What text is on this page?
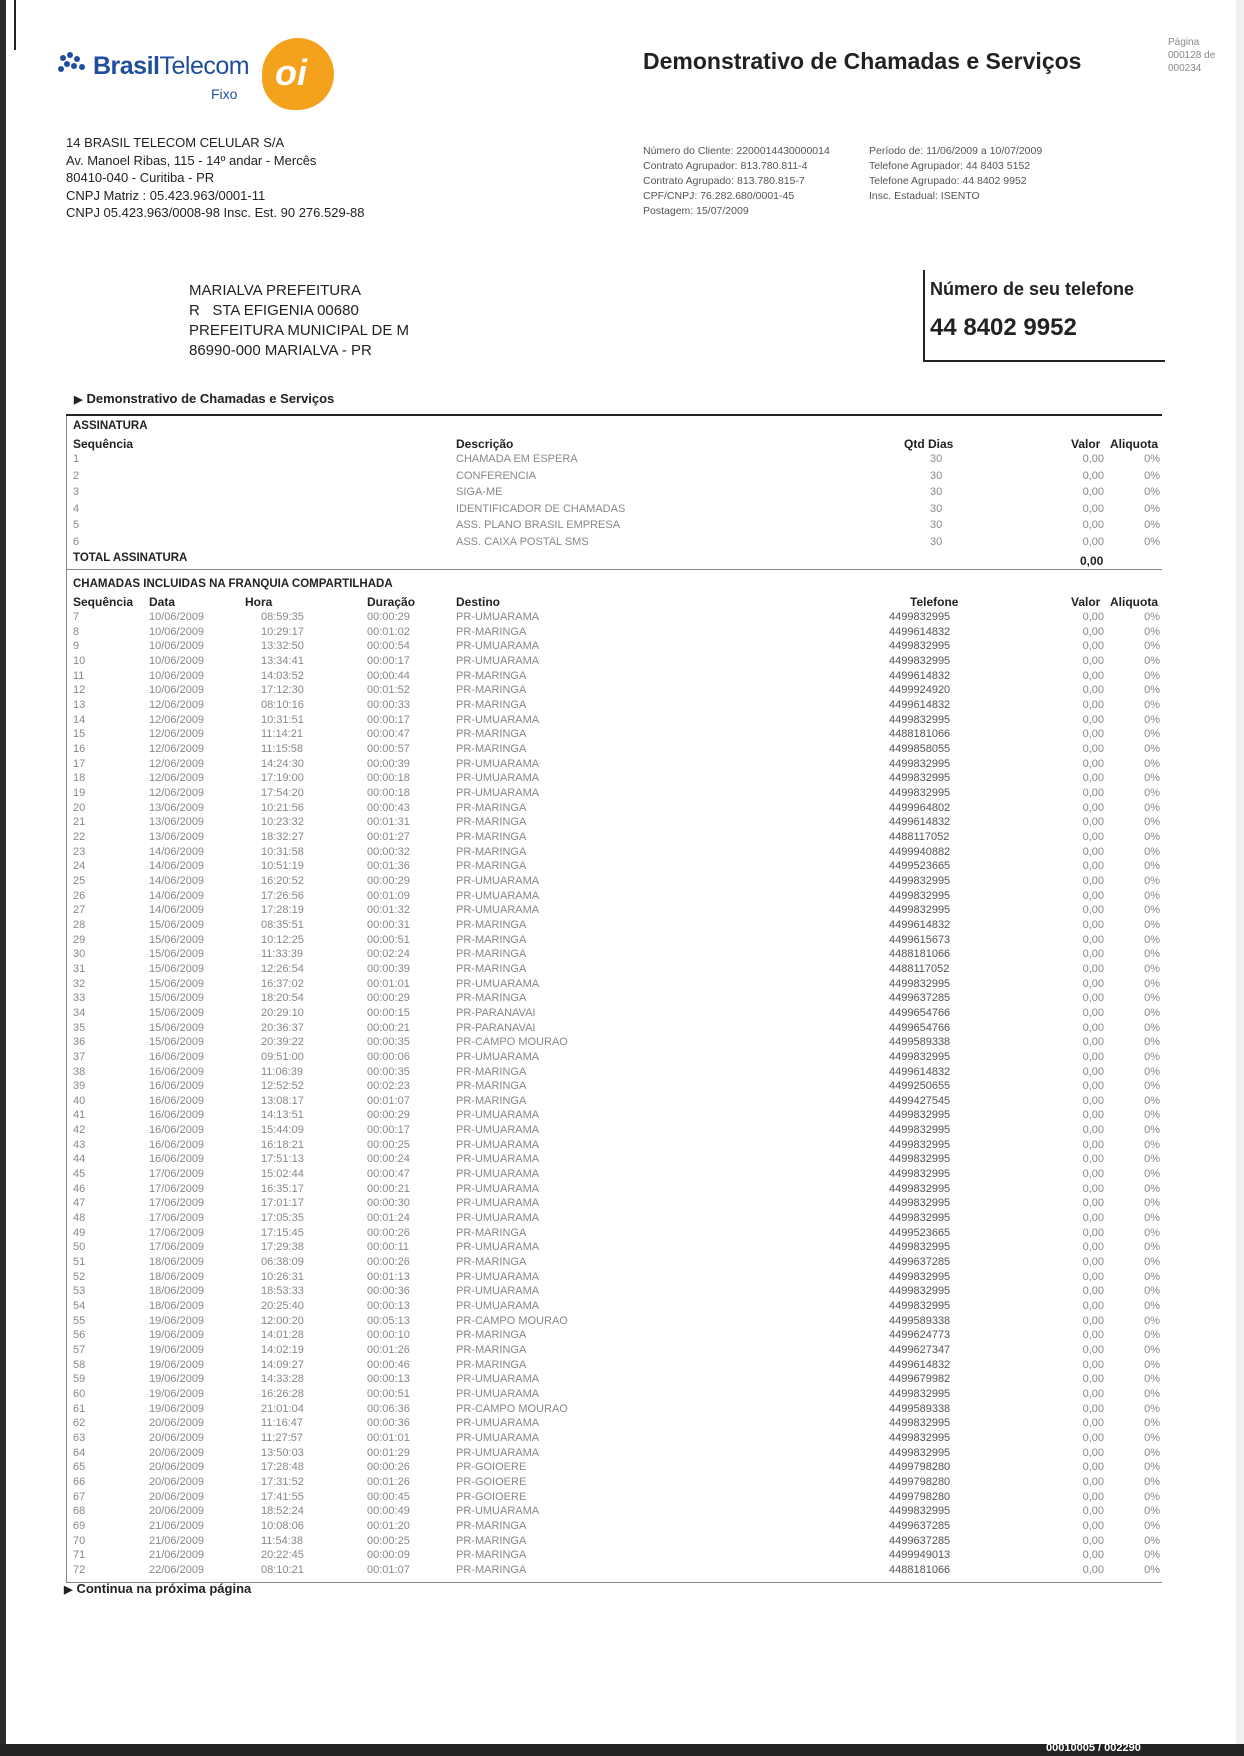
BrasilTelecom
Fixo
oi	Demonstrativo de Chamadas e Serviços
Página
000128 de
000234
14 BRASIL TELECOM CELULAR S/A
Av. Manoel Ribas, 115 - 14º andar - Mercês
80410-040 - Curitiba - PR
CNPJ Matriz : 05.423.963/0001-11
CNPJ 05.423.963/0008-98 Insc. Est. 90 276.529-88
Número do Cliente: 2200014430000014
Contrato Agrupador: 813.780.811-4
Contrato Agrupado: 813.780.815-7
CPF/CNPJ: 76.282.680/0001-45
Postagem: 15/07/2009
Período de: 11/06/2009 a 10/07/2009
Telefone Agrupador: 44 8403 5152
Telefone Agrupado: 44 8402 9952
Insc. Estadual: ISENTO
MARIALVA PREFEITURA
R   STA EFIGENIA 00680
PREFEITURA MUNICIPAL DE M
86990-000 MARIALVA - PR
Número de seu telefone
44 8402 9952
▶ Demonstrativo de Chamadas e Serviços
ASSINATURA
Sequência	Descrição	Qtd Dias	Valor Aliquota
1	CHAMADA EM ESPERA	30	0,00	0%
2	CONFERENCIA	30	0,00	0%
3	SIGA-ME	30	0,00	0%
4	IDENTIFICADOR DE CHAMADAS	30	0,00	0%
5	ASS. PLANO BRASIL EMPRESA	30	0,00	0%
6	ASS. CAIXA POSTAL SMS	30	0,00	0%
TOTAL ASSINATURA	0,00
CHAMADAS INCLUIDAS NA FRANQUIA COMPARTILHADA
Sequência Data	Hora	Duração	Destino	Telefone	Valor Aliquota
7	10/06/2009	08:59:35	00:00:29	PR-UMUARAMA	4499832995	0,00	0%
8	10/06/2009	10:29:17	00:01:02	PR-MARINGA	4499614832	0,00	0%
9	10/06/2009	13:32:50	00:00:54	PR-UMUARAMA	4499832995	0,00	0%
10	10/06/2009	13:34:41	00:00:17	PR-UMUARAMA	4499832995	0,00	0%
11	10/06/2009	14:03:52	00:00:44	PR-MARINGA	4499614832	0,00	0%
12	10/06/2009	17:12:30	00:01:52	PR-MARINGA	4499924920	0,00	0%
13	12/06/2009	08:10:16	00:00:33	PR-MARINGA	4499614832	0,00	0%
14	12/06/2009	10:31:51	00:00:17	PR-UMUARAMA	4499832995	0,00	0%
15	12/06/2009	11:14:21	00:00:47	PR-MARINGA	4488181066	0,00	0%
16	12/06/2009	11:15:58	00:00:57	PR-MARINGA	4499858055	0,00	0%
17	12/06/2009	14:24:30	00:00:39	PR-UMUARAMA	4499832995	0,00	0%
18	12/06/2009	17:19:00	00:00:18	PR-UMUARAMA	4499832995	0,00	0%
19	12/06/2009	17:54:20	00:00:18	PR-UMUARAMA	4499832995	0,00	0%
20	13/06/2009	10:21:56	00:00:43	PR-MARINGA	4499964802	0,00	0%
21	13/06/2009	10:23:32	00:01:31	PR-MARINGA	4499614832	0,00	0%
22	13/06/2009	18:32:27	00:01:27	PR-MARINGA	4488117052	0,00	0%
23	14/06/2009	10:31:58	00:00:32	PR-MARINGA	4499940882	0,00	0%
24	14/06/2009	10:51:19	00:01:36	PR-MARINGA	4499523665	0,00	0%
25	14/06/2009	16:20:52	00:00:29	PR-UMUARAMA	4499832995	0,00	0%
26	14/06/2009	17:26:56	00:01:09	PR-UMUARAMA	4499832995	0,00	0%
27	14/06/2009	17:28:19	00:01:32	PR-UMUARAMA	4499832995	0,00	0%
28	15/06/2009	08:35:51	00:00:31	PR-MARINGA	4499614832	0,00	0%
29	15/06/2009	10:12:25	00:00:51	PR-MARINGA	4499615673	0,00	0%
30	15/06/2009	11:33:39	00:02:24	PR-MARINGA	4488181066	0,00	0%
31	15/06/2009	12:26:54	00:00:39	PR-MARINGA	4488117052	0,00	0%
32	15/06/2009	16:37:02	00:01:01	PR-UMUARAMA	4499832995	0,00	0%
33	15/06/2009	18:20:54	00:00:29	PR-MARINGA	4499637285	0,00	0%
34	15/06/2009	20:29:10	00:00:15	PR-PARANAVAI	4499654766	0,00	0%
35	15/06/2009	20:36:37	00:00:21	PR-PARANAVAI	4499654766	0,00	0%
36	15/06/2009	20:39:22	00:00:35	PR-CAMPO MOURAO	4499589338	0,00	0%
37	16/06/2009	09:51:00	00:00:06	PR-UMUARAMA	4499832995	0,00	0%
38	16/06/2009	11:06:39	00:00:35	PR-MARINGA	4499614832	0,00	0%
39	16/06/2009	12:52:52	00:02:23	PR-MARINGA	4499250655	0,00	0%
40	16/06/2009	13:08:17	00:01:07	PR-MARINGA	4499427545	0,00	0%
41	16/06/2009	14:13:51	00:00:29	PR-UMUARAMA	4499832995	0,00	0%
42	16/06/2009	15:44:09	00:00:17	PR-UMUARAMA	4499832995	0,00	0%
43	16/06/2009	16:18:21	00:00:25	PR-UMUARAMA	4499832995	0,00	0%
44	16/06/2009	17:51:13	00:00:24	PR-UMUARAMA	4499832995	0,00	0%
45	17/06/2009	15:02:44	00:00:47	PR-UMUARAMA	4499832995	0,00	0%
46	17/06/2009	16:35:17	00:00:21	PR-UMUARAMA	4499832995	0,00	0%
47	17/06/2009	17:01:17	00:00:30	PR-UMUARAMA	4499832995	0,00	0%
48	17/06/2009	17:05:35	00:01:24	PR-UMUARAMA	4499832995	0,00	0%
49	17/06/2009	17:15:45	00:00:26	PR-MARINGA	4499523665	0,00	0%
50	17/06/2009	17:29:38	00:00:11	PR-UMUARAMA	4499832995	0,00	0%
51	18/06/2009	06:38:09	00:00:26	PR-MARINGA	4499637285	0,00	0%
52	18/06/2009	10:26:31	00:01:13	PR-UMUARAMA	4499832995	0,00	0%
53	18/06/2009	18:53:33	00:00:36	PR-UMUARAMA	4499832995	0,00	0%
54	18/06/2009	20:25:40	00:00:13	PR-UMUARAMA	4499832995	0,00	0%
55	19/06/2009	12:00:20	00:05:13	PR-CAMPO MOURAO	4499589338	0,00	0%
56	19/06/2009	14:01:28	00:00:10	PR-MARINGA	4499624773	0,00	0%
57	19/06/2009	14:02:19	00:01:26	PR-MARINGA	4499627347	0,00	0%
58	19/06/2009	14:09:27	00:00:46	PR-MARINGA	4499614832	0,00	0%
59	19/06/2009	14:33:28	00:00:13	PR-UMUARAMA	4499679982	0,00	0%
60	19/06/2009	16:26:28	00:00:51	PR-UMUARAMA	4499832995	0,00	0%
61	19/06/2009	21:01:04	00:06:36	PR-CAMPO MOURAO	4499589338	0,00	0%
62	20/06/2009	11:16:47	00:00:36	PR-UMUARAMA	4499832995	0,00	0%
63	20/06/2009	11:27:57	00:01:01	PR-UMUARAMA	4499832995	0,00	0%
64	20/06/2009	13:50:03	00:01:29	PR-UMUARAMA	4499832995	0,00	0%
65	20/06/2009	17:28:48	00:00:26	PR-GOIOERE	4499798280	0,00	0%
66	20/06/2009	17:31:52	00:01:26	PR-GOIOERE	4499798280	0,00	0%
67	20/06/2009	17:41:55	00:00:45	PR-GOIOERE	4499798280	0,00	0%
68	20/06/2009	18:52:24	00:00:49	PR-UMUARAMA	4499832995	0,00	0%
69	21/06/2009	10:08:06	00:01:20	PR-MARINGA	4499637285	0,00	0%
70	21/06/2009	11:54:38	00:00:25	PR-MARINGA	4499637285	0,00	0%
71	21/06/2009	20:22:45	00:00:09	PR-MARINGA	4499949013	0,00	0%
72	22/06/2009	08:10:21	00:01:07	PR-MARINGA	4488181066	0,00	0%
▶ Continua na próxima página
00010005 / 002290
